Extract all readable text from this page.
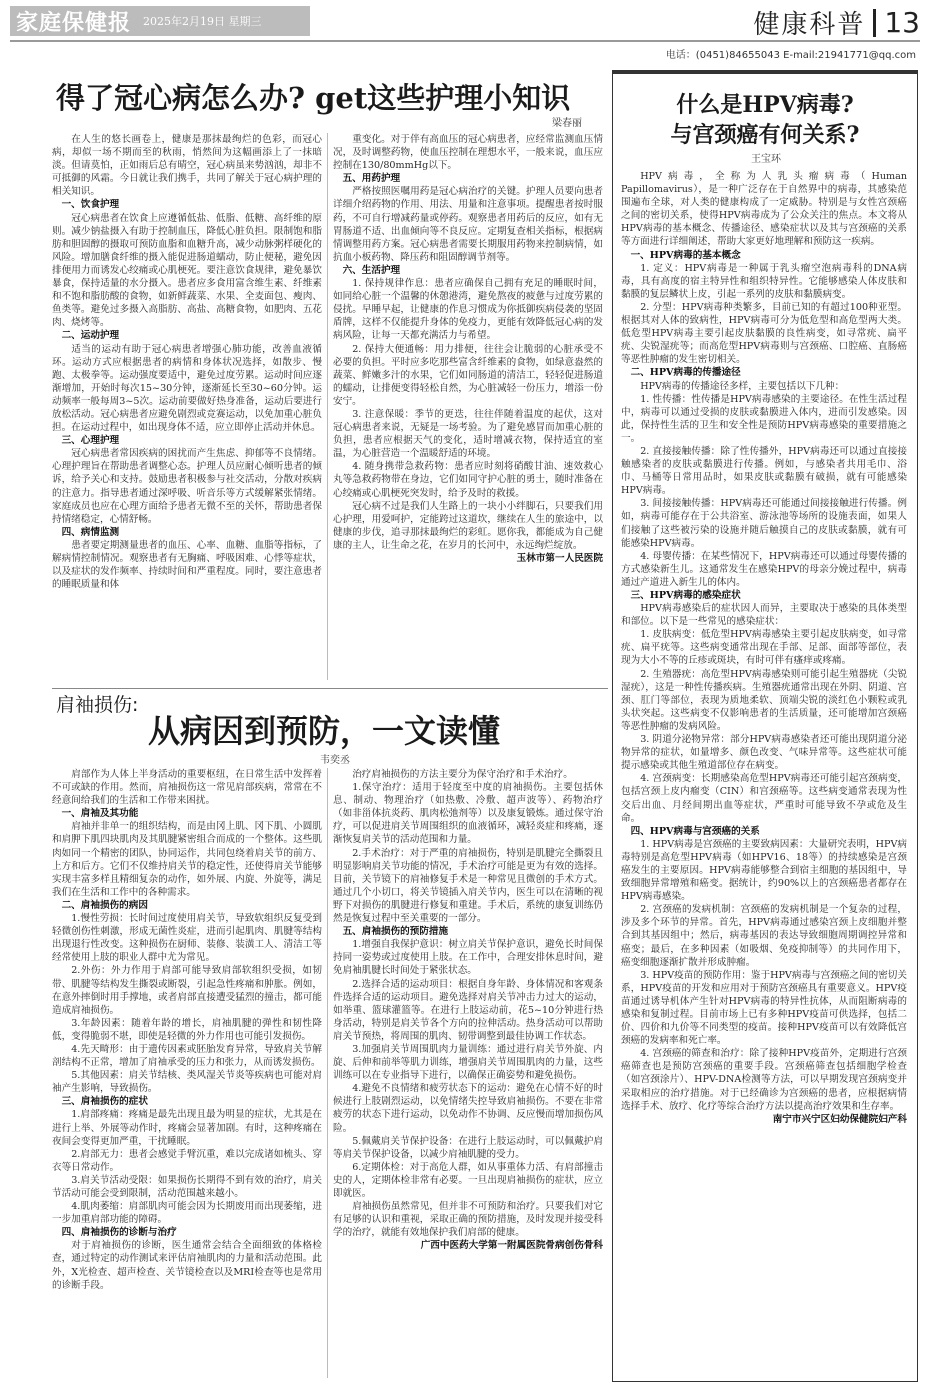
家庭保健报 2025年2月19日 星期三	健康科普 13
电话：(0451)84655043 E-mail:21941771@qq.com
得了冠心病怎么办? get这些护理小知识
梁春丽

在人生的悠长画卷上，健康是那抹最绚烂的色彩，而冠心病，却似一场不期而至的秋雨，悄然间为这幅画添上了一抹暗淡。但请莫怕，正如雨后总有晴空，冠心病虽来势汹汹，却非不可抵御的风霜。今日就让我们携手，共同了解关于冠心病护理的相关知识。

一、饮食护理

冠心病患者在饮食上应遵循低盐、低脂、低糖、高纤维的原则。减少钠盐摄入有助于控制血压，降低心脏负担。限制饱和脂肪和胆固醇的摄取可预防血脂和血糖升高，减少动脉粥样硬化的风险。增加膳食纤维的摄入能促进肠道蠕动，防止便秘，避免因排便用力而诱发心绞痛或心肌梗死。要注意饮食规律，避免暴饮暴食，保持适量的水分摄入。患者应多食用富含维生素、纤维素和不饱和脂肪酸的食物，如新鲜蔬菜、水果、全麦面包、瘦肉、鱼类等。避免过多摄入高脂肪、高盐、高糖食物，如肥肉、五花肉、烧烤等。

二、运动护理

适当的运动有助于冠心病患者增强心肺功能，改善血液循环。运动方式应根据患者的病情和身体状况选择，如散步、慢跑、太极拳等。运动强度要适中，避免过度劳累。运动时间应逐渐增加，开始时每次15~30分钟，逐渐延长至30~60分钟。运动频率一般每周3~5次。运动前要做好热身准备，运动后要进行放松活动。冠心病患者应避免剧烈或竞赛运动，以免加重心脏负担。在运动过程中，如出现身体不适，应立即停止活动并休息。

三、心理护理

冠心病患者常因疾病的困扰而产生焦虑、抑郁等不良情绪。心理护理旨在帮助患者调整心态。护理人员应耐心倾听患者的倾诉，给予关心和支持。鼓励患者积极参与社交活动，分散对疾病的注意力。指导患者通过深呼吸、听音乐等方式缓解紧张情绪。家庭成员也应在心理方面给予患者无微不至的关怀，帮助患者保持情绪稳定，心情舒畅。

四、病情监测

患者要定期测量患者的血压、心率、血糖、血脂等指标，了解病情控制情况。观察患者有无胸痛、呼吸困难、心悸等症状，以及症状的发作频率、持续时间和严重程度。同时，要注意患者的睡眠质量和体

重变化。对于伴有高血压的冠心病患者，应经常监测血压情况，及时调整药物，使血压控制在理想水平，一般来说，血压应控制在130/80mmHg以下。

五、用药护理

严格按照医嘱用药是冠心病治疗的关键。护理人员要向患者详细介绍药物的作用、用法、用量和注意事项。提醒患者按时服药，不可自行增减药量或停药。观察患者用药后的反应，如有无胃肠道不适、出血倾向等不良反应。定期复查相关指标，根据病情调整用药方案。冠心病患者需要长期服用药物来控制病情，如抗血小板药物、降压药和阻固醇调节剂等。

六、生活护理

1. 保持规律作息：患者应确保自己拥有充足的睡眠时间，如同给心脏一个温馨的休憩港湾，避免熬夜的疲惫与过度劳累的侵扰。早睡早起，让健康的作息习惯成为你抵御疾病侵袭的坚固盾牌，这样不仅能提升身体的免疫力，更能有效降低冠心病的发病风险，让每一天都充满活力与希望。

2. 保持大便通畅：用力排便，往往会让脆弱的心脏承受不必要的负担。平时应多吃那些富含纤维素的食物，如绿意盎然的蔬菜、鲜嫩多汁的水果，它们如同肠道的清洁工，轻轻促进肠道的蠕动，让排便变得轻松自然，为心脏减轻一份压力，增添一份安宁。

3. 注意保暖：季节的更迭，往往伴随着温度的起伏，这对冠心病患者来说，无疑是一场考验。为了避免感冒而加重心脏的负担，患者应根据天气的变化，适时增减衣物，保持适宜的室温，为心脏营造一个温暖舒适的环境。

4. 随身携带急救药物：患者应时刻将硝酸甘油、速效救心丸等急救药物带在身边，它们如同守护心脏的勇士，随时准备在心绞痛或心肌梗死突发时，给予及时的救援。

冠心病不过是我们人生路上的一块小小绊脚石，只要我们用心护理，用爱呵护，定能跨过这道坎，继续在人生的旅途中，以健康的步伐，追寻那抹最绚烂的彩虹。愿你我，都能成为自己健康的主人，让生命之花，在岁月的长河中，永远绚烂绽放。

玉林市第一人民医院

肩袖损伤:
从病因到预防，一文读懂
韦奕丞

肩部作为人体上半身活动的重要枢纽，在日常生活中发挥着不可或缺的作用。然而，肩袖损伤这一常见肩部疾病，常常在不经意间给我们的生活和工作带来困扰。

一、肩袖及其功能

肩袖并非单一的组织结构，而是由冈上肌、冈下肌、小圆肌和肩胛下肌四块肌肉及其肌腱紧密组合而成的一个整体。这些肌肉如同一个精密的团队，协同运作，共同包绕着肩关节的前方、上方和后方。它们不仅维持肩关节的稳定性，还使得肩关节能够实现丰富多样且精细复杂的动作，如外展、内旋、外旋等，满足我们在生活和工作中的各种需求。

二、肩袖损伤的病因

1.慢性劳损：长时间过度使用肩关节，导致软组织反复受到轻微创伤性刺激，形成无菌性炎症，进而引起肌肉、肌腱等结构出现退行性改变。这种损伤在厨师、装修、装潢工人、清洁工等经常使用上肢的职业人群中尤为常见。

2.外伤：外力作用于肩部可能导致肩部软组织受损，如韧带、肌腱等结构发生撕裂或断裂，引起急性疼痛和肿胀。例如，在意外摔倒时用手撑地，或者肩部直接遭受猛烈的撞击，都可能造成肩袖损伤。

3.年龄因素：随着年龄的增长，肩袖肌腱的弹性和韧性降低，变得脆弱不堪，即使是轻微的外力作用也可能引发损伤。

4.先天畸形：由于遗传因素或胚胎发育异常，导致肩关节解剖结构不正常，增加了肩袖承受的压力和张力，从而诱发损伤。

5.其他因素：肩关节结核、类风湿关节炎等疾病也可能对肩袖产生影响，导致损伤。

三、肩袖损伤的症状

1.肩部疼痛：疼痛是最先出现且最为明显的症状，尤其是在进行上举、外展等动作时，疼痛会显著加剧。有时，这种疼痛在夜间会变得更加严重，干扰睡眠。

2.肩部无力：患者会感觉手臂沉重，难以完成诸如梳头、穿衣等日常动作。

3.肩关节活动受限：如果损伤长期得不到有效的治疗，肩关节活动可能会受到限制，活动范围越来越小。

4.肌肉萎缩：肩部肌肉可能会因为长期废用而出现萎缩，进一步加重肩部功能的障碍。

四、肩袖损伤的诊断与治疗

对于肩袖损伤的诊断，医生通常会结合全面细致的体格检查，通过特定的动作测试来评估肩袖肌肉的力量和活动范围。此外，X光检查、超声检查、关节镜检查以及MRI检查等也是常用的诊断手段。

治疗肩袖损伤的方法主要分为保守治疗和手术治疗。

1.保守治疗：适用于轻度至中度的肩袖损伤。主要包括休息、制动、物理治疗（如热敷、冷敷、超声波等）、药物治疗（如非甾体抗炎药、肌肉松弛剂等）以及康复锻炼。通过保守治疗，可以促进肩关节周围组织的血液循环，减轻炎症和疼痛，逐渐恢复肩关节的活动范围和力量。

2.手术治疗：对于严重的肩袖损伤，特别是肌腱完全撕裂且明显影响肩关节功能的情况，手术治疗可能是更为有效的选择。目前，关节镜下的肩袖修复手术是一种常见且微创的手术方式。通过几个小切口，将关节镜插入肩关节内，医生可以在清晰的视野下对损伤的肌腱进行修复和重建。手术后，系统的康复训练仍然是恢复过程中至关重要的一部分。

五、肩袖损伤的预防措施

1.增强自我保护意识：树立肩关节保护意识，避免长时间保持同一姿势或过度使用上肢。在工作中，合理安排休息时间，避免肩袖肌腱长时间处于紧张状态。

2.选择合适的运动项目：根据自身年龄、身体情况和客观条件选择合适的运动项目。避免选择对肩关节冲击力过大的运动，如举重、篮球灌篮等。在进行上肢运动前，花5~10分钟进行热身活动，特别是肩关节各个方向的拉伸活动。热身活动可以帮助肩关节预热，将周围的肌肉、韧带调整到最佳协调工作状态。

3.加强肩关节周围肌肉力量训练：通过进行肩关节外旋、内旋、后伸和前举等肌力训练，增强肩关节周围肌肉的力量，这些训练可以在专业指导下进行，以确保正确姿势和避免损伤。

4.避免不良情绪和疲劳状态下的运动：避免在心情不好的时候进行上肢剧烈运动，以免情绪失控导致肩袖损伤。不要在非常疲劳的状态下进行运动，以免动作不协调、反应慢而增加损伤风险。

5.佩戴肩关节保护设备：在进行上肢运动时，可以佩戴护肩等肩关节保护设备，以减少肩袖肌腱的受力。

6.定期体检：对于高危人群，如从事重体力活、有肩部撞击史的人，定期体检非常有必要。一旦出现肩袖损伤的症状，应立即就医。

肩袖损伤虽然常见，但并非不可预防和治疗。只要我们对它有足够的认识和重视，采取正确的预防措施，及时发现并接受科学的治疗，就能有效地保护我们肩部的健康。

广西中医药大学第一附属医院骨病创伤骨科

什么是HPV病毒?
与宫颈癌有何关系?
王宝环

HPV病毒，全称为人乳头瘤病毒（Human Papillomavirus），是一种广泛存在于自然界中的病毒，其感染范围遍布全球，对人类的健康构成了一定威胁。特别是与女性宫颈癌之间的密切关系，使得HPV病毒成为了公众关注的焦点。本文将从HPV病毒的基本概念、传播途径、感染症状以及其与宫颈癌的关系等方面进行详细阐述，帮助大家更好地理解和预防这一疾病。

一、HPV病毒的基本概念

1. 定义：HPV病毒是一种属于乳头瘤空泡病毒科的DNA病毒，具有高度的宿主特异性和组织特异性。它能够感染人体皮肤和黏膜的复层鳞状上皮，引起一系列的皮肤和黏膜病变。

2. 分型：HPV病毒种类繁多，目前已知的有超过100种亚型。根据其对人体的致病性，HPV病毒可分为低危型和高危型两大类。低危型HPV病毒主要引起皮肤黏膜的良性病变，如寻常疣、扁平疣、尖锐湿疣等；而高危型HPV病毒则与宫颈癌、口腔癌、直肠癌等恶性肿瘤的发生密切相关。

二、HPV病毒的传播途径

HPV病毒的传播途径多样，主要包括以下几种：

1. 性传播：性传播是HPV病毒感染的主要途径。在性生活过程中，病毒可以通过受损的皮肤或黏膜进入体内，进而引发感染。因此，保持性生活的卫生和安全性是预防HPV病毒感染的重要措施之一。

2. 直接接触传播：除了性传播外，HPV病毒还可以通过直接接触感染者的皮肤或黏膜进行传播。例如，与感染者共用毛巾、浴巾、马桶等日常用品时，如果皮肤或黏膜有破损，就有可能感染HPV病毒。

3. 间接接触传播：HPV病毒还可能通过间接接触进行传播。例如，病毒可能存在于公共浴室、游泳池等场所的设施表面，如果人们接触了这些被污染的设施并随后触摸自己的皮肤或黏膜，就有可能感染HPV病毒。

4. 母婴传播：在某些情况下，HPV病毒还可以通过母婴传播的方式感染新生儿。这通常发生在感染HPV的母亲分娩过程中，病毒通过产道进入新生儿的体内。

三、HPV病毒的感染症状

HPV病毒感染后的症状因人而异，主要取决于感染的具体类型和部位。以下是一些常见的感染症状：

1. 皮肤病变：低危型HPV病毒感染主要引起皮肤病变，如寻常疣、扁平疣等。这些病变通常出现在手部、足部、面部等部位，表现为大小不等的丘疹或斑块，有时可伴有瘙痒或疼痛。

2. 生殖器疣：高危型HPV病毒感染则可能引起生殖器疣（尖锐湿疣），这是一种性传播疾病。生殖器疣通常出现在外阴、阴道、宫颈、肛门等部位，表现为质地柔软、顶端尖锐的淡红色小颗粒或乳头状突起。这些病变不仅影响患者的生活质量，还可能增加宫颈癌等恶性肿瘤的发病风险。

3. 阴道分泌物异常：部分HPV病毒感染者还可能出现阴道分泌物异常的症状，如量增多、颜色改变、气味异常等。这些症状可能提示感染或其他生殖道部位存在病变。

4. 宫颈病变：长期感染高危型HPV病毒还可能引起宫颈病变，包括宫颈上皮内瘤变（CIN）和宫颈癌等。这些病变通常表现为性交后出血、月经间期出血等症状，严重时可能导致不孕或危及生命。

四、HPV病毒与宫颈癌的关系

1. HPV病毒是宫颈癌的主要致病因素：大量研究表明，HPV病毒特别是高危型HPV病毒（如HPV16、18等）的持续感染是宫颈癌发生的主要原因。HPV病毒能够整合到宿主细胞的基因组中，导致细胞异常增殖和癌变。据统计，约90%以上的宫颈癌患者都存在HPV病毒感染。

2. 宫颈癌的发病机制：宫颈癌的发病机制是一个复杂的过程，涉及多个环节的异常。首先，HPV病毒通过感染宫颈上皮细胞并整合到其基因组中；然后，病毒基因的表达导致细胞周期调控异常和癌变；最后，在多种因素（如吸烟、免疫抑制等）的共同作用下，癌变细胞逐渐扩散并形成肿瘤。

3. HPV疫苗的预防作用：鉴于HPV病毒与宫颈癌之间的密切关系，HPV疫苗的开发和应用对于预防宫颈癌具有重要意义。HPV疫苗通过诱导机体产生针对HPV病毒的特异性抗体，从而阻断病毒的感染和复制过程。目前市场上已有多种HPV疫苗可供选择，包括二价、四价和九价等不同类型的疫苗。接种HPV疫苗可以有效降低宫颈癌的发病率和死亡率。

4. 宫颈癌的筛查和治疗：除了接种HPV疫苗外，定期进行宫颈癌筛查也是预防宫颈癌的重要手段。宫颈癌筛查包括细胞学检查（如宫颈涂片）、HPV-DNA检测等方法，可以早期发现宫颈病变并采取相应的治疗措施。对于已经确诊为宫颈癌的患者，应根据病情选择手术、放疗、化疗等综合治疗方法以提高治疗效果和生存率。

南宁市兴宁区妇幼保健院妇产科
